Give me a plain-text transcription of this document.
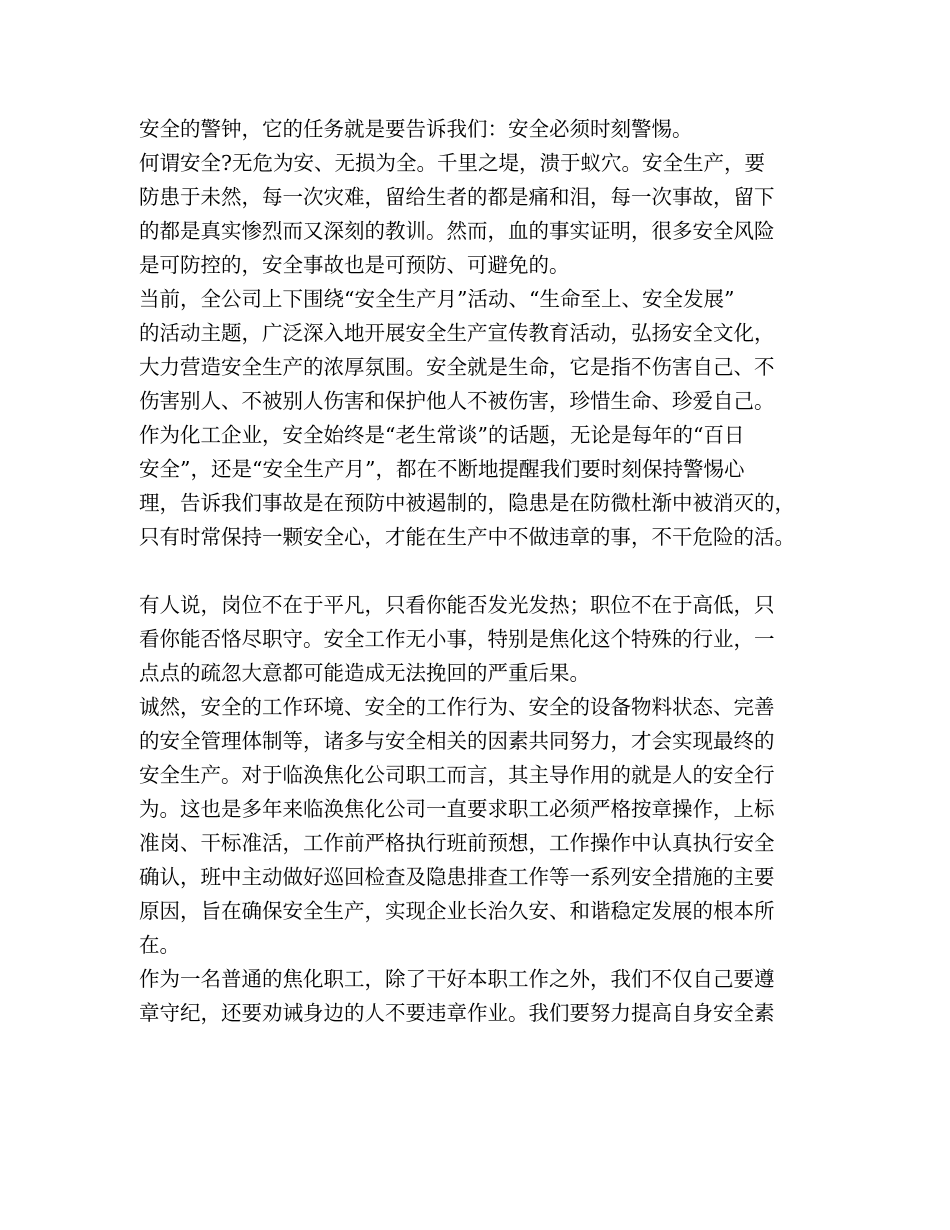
安全的警钟，它的任务就是要告诉我们：安全必须时刻警惕。
何谓安全?无危为安、无损为全。千里之堤，溃于蚁穴。安全生产，要
防患于未然，每一次灾难，留给生者的都是痛和泪，每一次事故，留下
的都是真实惨烈而又深刻的教训。然而，血的事实证明，很多安全风险
是可防控的，安全事故也是可预防、可避免的。
当前，全公司上下围绕“安全生产月”活动、“生命至上、安全发展”
的活动主题，广泛深入地开展安全生产宣传教育活动，弘扬安全文化，
大力营造安全生产的浓厚氛围。安全就是生命，它是指不伤害自己、不
伤害别人、不被别人伤害和保护他人不被伤害，珍惜生命、珍爱自己。
作为化工企业，安全始终是“老生常谈”的话题，无论是每年的“百日
安全”，还是“安全生产月”，都在不断地提醒我们要时刻保持警惕心
理，告诉我们事故是在预防中被遏制的，隐患是在防微杜渐中被消灭的，
只有时常保持一颗安全心，才能在生产中不做违章的事，不干危险的活。
有人说，岗位不在于平凡，只看你能否发光发热；职位不在于高低，只
看你能否恪尽职守。安全工作无小事，特别是焦化这个特殊的行业，一
点点的疏忽大意都可能造成无法挽回的严重后果。
诚然，安全的工作环境、安全的工作行为、安全的设备物料状态、完善
的安全管理体制等，诸多与安全相关的因素共同努力，才会实现最终的
安全生产。对于临涣焦化公司职工而言，其主导作用的就是人的安全行
为。这也是多年来临涣焦化公司一直要求职工必须严格按章操作，上标
准岗、干标准活，工作前严格执行班前预想，工作操作中认真执行安全
确认，班中主动做好巡回检查及隐患排查工作等一系列安全措施的主要
原因，旨在确保安全生产，实现企业长治久安、和谐稳定发展的根本所
在。
作为一名普通的焦化职工，除了干好本职工作之外，我们不仅自己要遵
章守纪，还要劝诫身边的人不要违章作业。我们要努力提高自身安全素
